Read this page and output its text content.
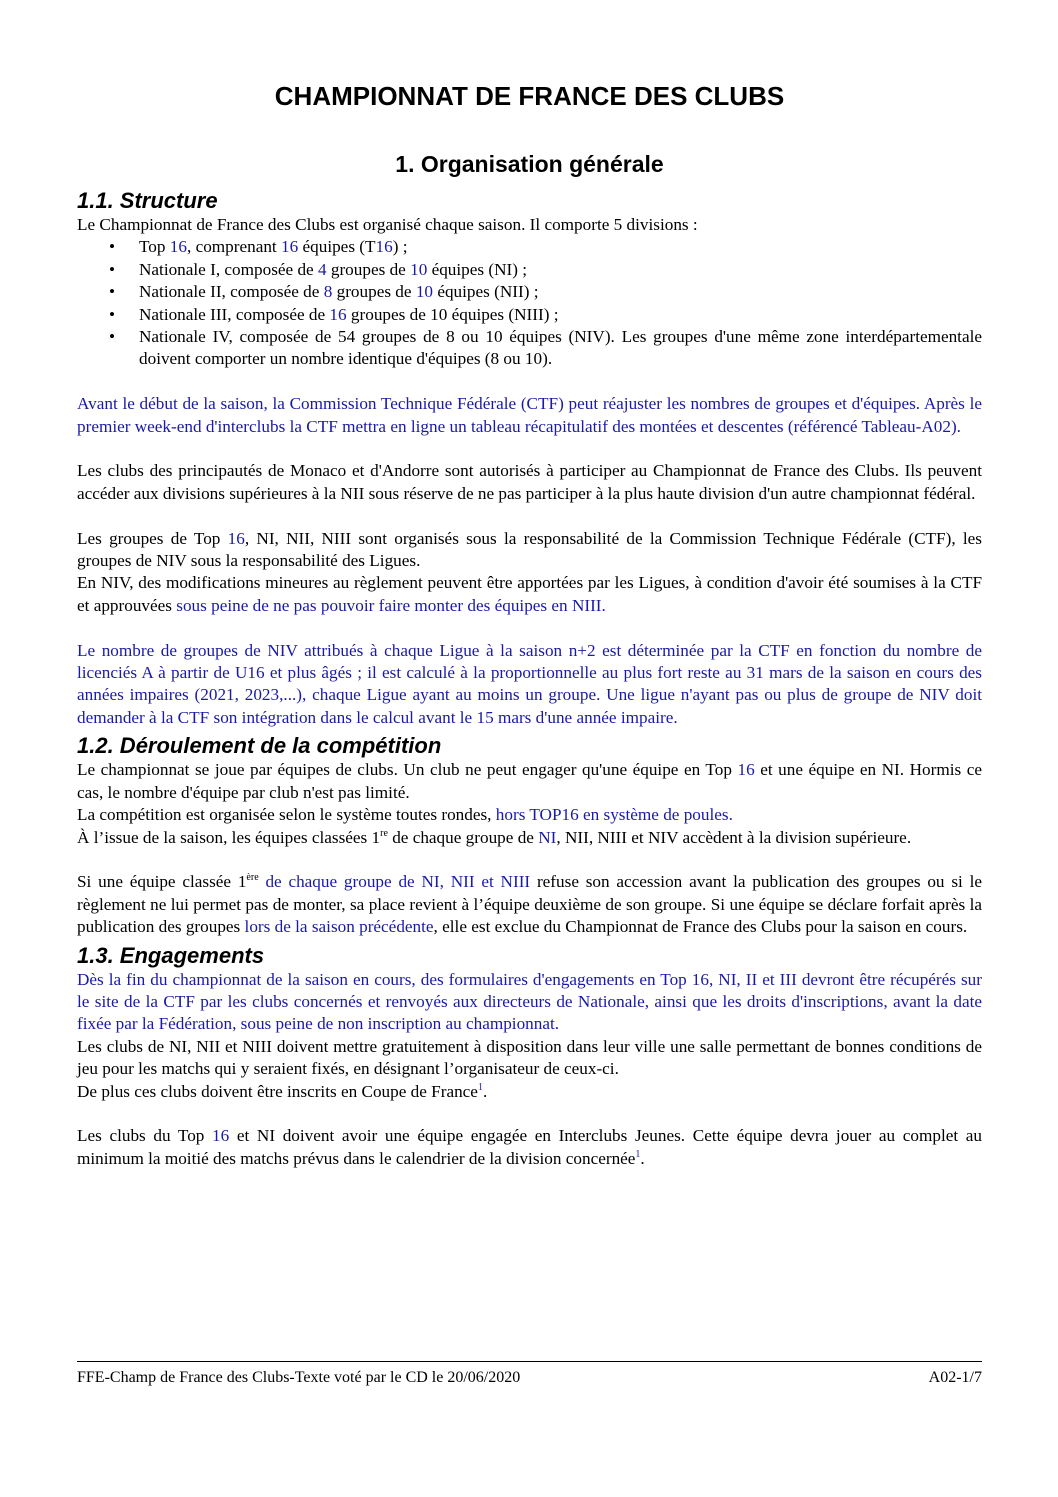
CHAMPIONNAT DE FRANCE DES CLUBS
1. Organisation générale
1.1. Structure

Le Championnat de France des Clubs est organisé chaque saison. Il comporte 5 divisions :

• Top 16, comprenant 16 équipes (T16) ;
• Nationale I, composée de 4 groupes de 10 équipes (NI) ;
• Nationale II, composée de 8 groupes de 10 équipes (NII) ;
• Nationale III, composée de 16 groupes de 10 équipes (NIII) ;
• Nationale IV, composée de 54 groupes de 8 ou 10 équipes (NIV). Les groupes d'une même zone interdépartementale doivent comporter un nombre identique d'équipes (8 ou 10).

Avant le début de la saison, la Commission Technique Fédérale (CTF) peut réajuster les nombres de groupes et d'équipes. Après le premier week-end d'interclubs la CTF mettra en ligne un tableau récapitulatif des montées et descentes (référencé Tableau-A02).

Les clubs des principautés de Monaco et d'Andorre sont autorisés à participer au Championnat de France des Clubs. Ils peuvent accéder aux divisions supérieures à la NII sous réserve de ne pas participer à la plus haute division d'un autre championnat fédéral.

Les groupes de Top 16, NI, NII, NIII sont organisés sous la responsabilité de la Commission Technique Fédérale (CTF), les groupes de NIV sous la responsabilité des Ligues.

En NIV, des modifications mineures au règlement peuvent être apportées par les Ligues, à condition d'avoir été soumises à la CTF et approuvées sous peine de ne pas pouvoir faire monter des équipes en NIII.

Le nombre de groupes de NIV attribués à chaque Ligue à la saison n+2 est déterminée par la CTF en fonction du nombre de licenciés A à partir de U16 et plus âgés ; il est calculé à la proportionnelle au plus fort reste au 31 mars de la saison en cours des années impaires (2021, 2023,...), chaque Ligue ayant au moins un groupe. Une ligue n'ayant pas ou plus de groupe de NIV doit demander à la CTF son intégration dans le calcul avant le 15 mars d'une année impaire.

1.2. Déroulement de la compétition

Le championnat se joue par équipes de clubs. Un club ne peut engager qu'une équipe en Top 16 et une équipe en NI. Hormis ce cas, le nombre d'équipe par club n'est pas limité.

La compétition est organisée selon le système toutes rondes, hors TOP16 en système de poules.

À l’issue de la saison, les équipes classées 1re de chaque groupe de NI, NII, NIII et NIV accèdent à la division supérieure.

Si une équipe classée 1ère de chaque groupe de NI, NII et NIII refuse son accession avant la publication des groupes ou si le règlement ne lui permet pas de monter, sa place revient à l’équipe deuxième de son groupe. Si une équipe se déclare forfait après la publication des groupes lors de la saison précédente, elle est exclue du Championnat de France des Clubs pour la saison en cours.

1.3. Engagements

Dès la fin du championnat de la saison en cours, des formulaires d'engagements en Top 16, NI, II et III devront être récupérés sur le site de la CTF par les clubs concernés et renvoyés aux directeurs de Nationale, ainsi que les droits d'inscriptions, avant la date fixée par la Fédération, sous peine de non inscription au championnat.

Les clubs de NI, NII et NIII doivent mettre gratuitement à disposition dans leur ville une salle permettant de bonnes conditions de jeu pour les matchs qui y seraient fixés, en désignant l’organisateur de ceux-ci.

De plus ces clubs doivent être inscrits en Coupe de France$^1$.

Les clubs du Top 16 et NI doivent avoir une équipe engagée en Interclubs Jeunes. Cette équipe devra jouer au complet au minimum la moitié des matchs prévus dans le calendrier de la division concernée$^1$.

FFE-Champ de France des Clubs-Texte voté par le CD le 20/06/2020	A02-1/7
